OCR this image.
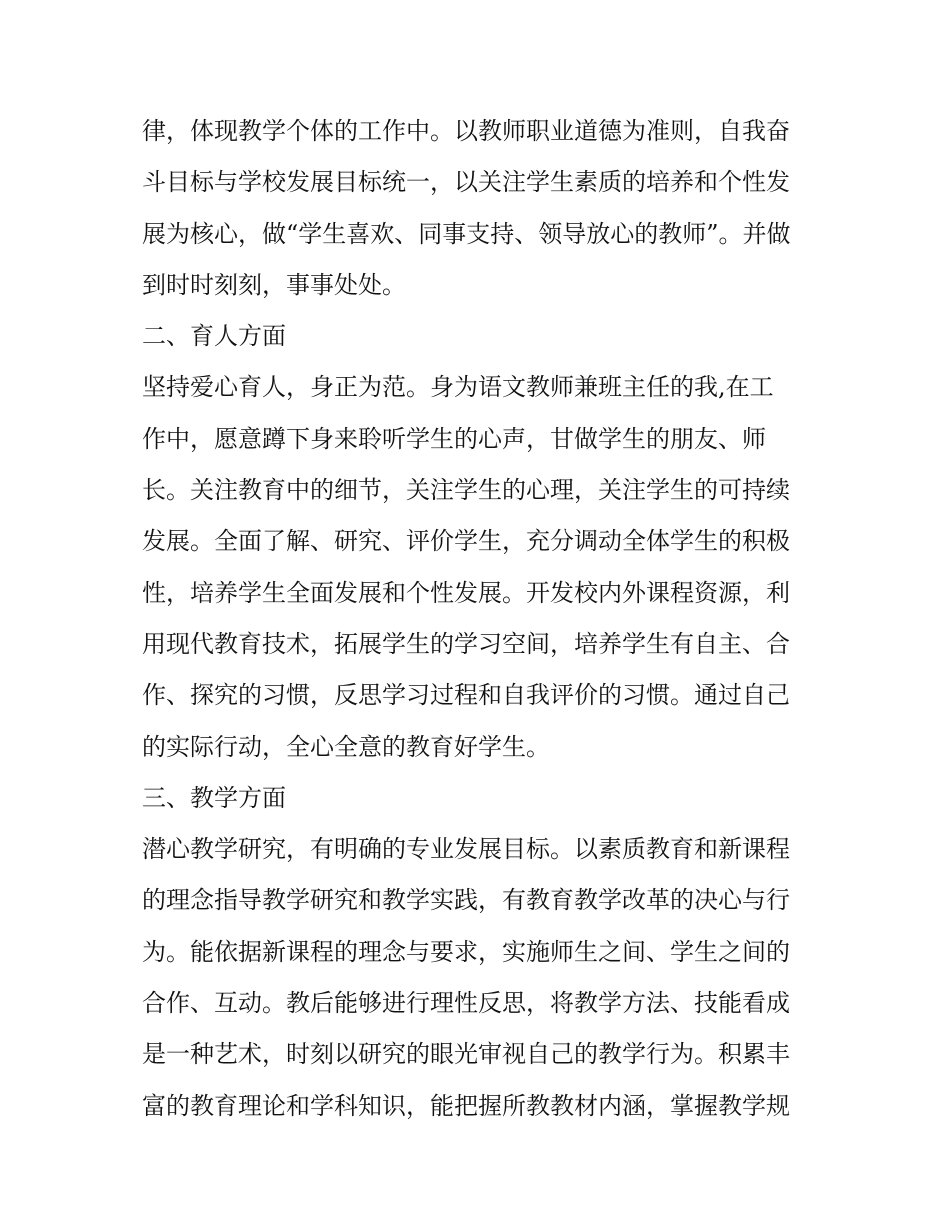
律，体现教学个体的工作中。以教师职业道德为准则，自我奋
斗目标与学校发展目标统一，以关注学生素质的培养和个性发
展为核心，做“学生喜欢、同事支持、领导放心的教师”。并做
到时时刻刻，事事处处。
二、育人方面
坚持爱心育人，身正为范。身为语文教师兼班主任的我,在工
作中，愿意蹲下身来聆听学生的心声，甘做学生的朋友、师
长。关注教育中的细节，关注学生的心理，关注学生的可持续
发展。全面了解、研究、评价学生，充分调动全体学生的积极
性，培养学生全面发展和个性发展。开发校内外课程资源，利
用现代教育技术，拓展学生的学习空间，培养学生有自主、合
作、探究的习惯，反思学习过程和自我评价的习惯。通过自己
的实际行动，全心全意的教育好学生。
三、教学方面
潜心教学研究，有明确的专业发展目标。以素质教育和新课程
的理念指导教学研究和教学实践，有教育教学改革的决心与行
为。能依据新课程的理念与要求，实施师生之间、学生之间的
合作、互动。教后能够进行理性反思，将教学方法、技能看成
是一种艺术，时刻以研究的眼光审视自己的教学行为。积累丰
富的教育理论和学科知识，能把握所教教材内涵，掌握教学规
